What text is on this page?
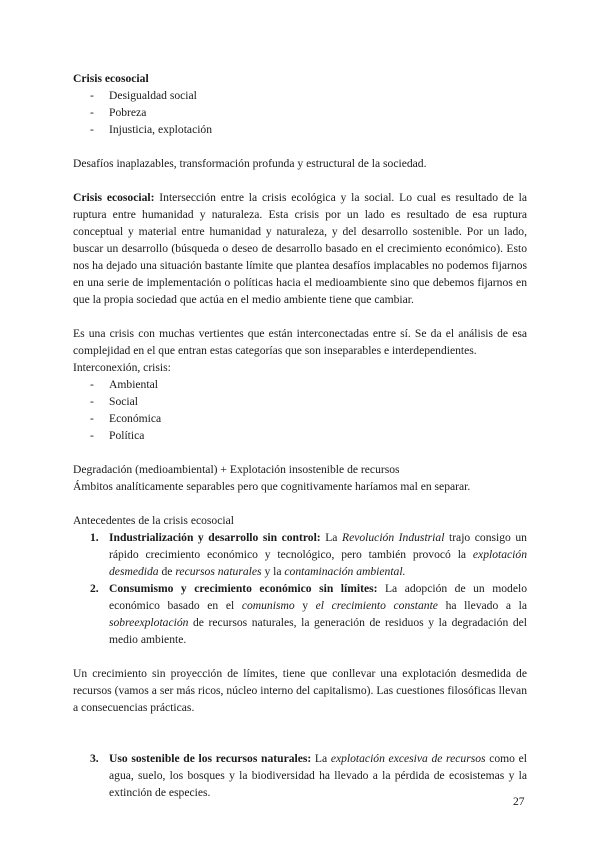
Crisis ecosocial

- Desigualdad social
- Pobreza
- Injusticia, explotación

Desafíos inaplazables, transformación profunda y estructural de la sociedad.

Crisis ecosocial: Intersección entre la crisis ecológica y la social. Lo cual es resultado de la ruptura entre humanidad y naturaleza. Esta crisis por un lado es resultado de esa ruptura conceptual y material entre humanidad y naturaleza, y del desarrollo sostenible. Por un lado, buscar un desarrollo (búsqueda o deseo de desarrollo basado en el crecimiento económico). Esto nos ha dejado una situación bastante límite que plantea desafíos implacables no podemos fijarnos en una serie de implementación o políticas hacia el medioambiente sino que debemos fijarnos en que la propia sociedad que actúa en el medio ambiente tiene que cambiar.

Es una crisis con muchas vertientes que están interconectadas entre sí. Se da el análisis de esa complejidad en el que entran estas categorías que son inseparables e interdependientes.

Interconexión, crisis:

- Ambiental
- Social
- Económica
- Política

Degradación (medioambiental) + Explotación insostenible de recursos

Ámbitos analíticamente separables pero que cognitivamente haríamos mal en separar.

Antecedentes de la crisis ecosocial

1. Industrialización y desarrollo sin control: La Revolución Industrial trajo consigo un rápido crecimiento económico y tecnológico, pero también provocó la explotación desmedida de recursos naturales y la contaminación ambiental.
2. Consumismo y crecimiento económico sin límites: La adopción de un modelo económico basado en el comunismo y el crecimiento constante ha llevado a la sobreexplotación de recursos naturales, la generación de residuos y la degradación del medio ambiente.

Un crecimiento sin proyección de límites, tiene que conllevar una explotación desmedida de recursos (vamos a ser más ricos, núcleo interno del capitalismo). Las cuestiones filosóficas llevan a consecuencias prácticas.

3. Uso sostenible de los recursos naturales: La explotación excesiva de recursos como el agua, suelo, los bosques y la biodiversidad ha llevado a la pérdida de ecosistemas y la extinción de especies.
27
